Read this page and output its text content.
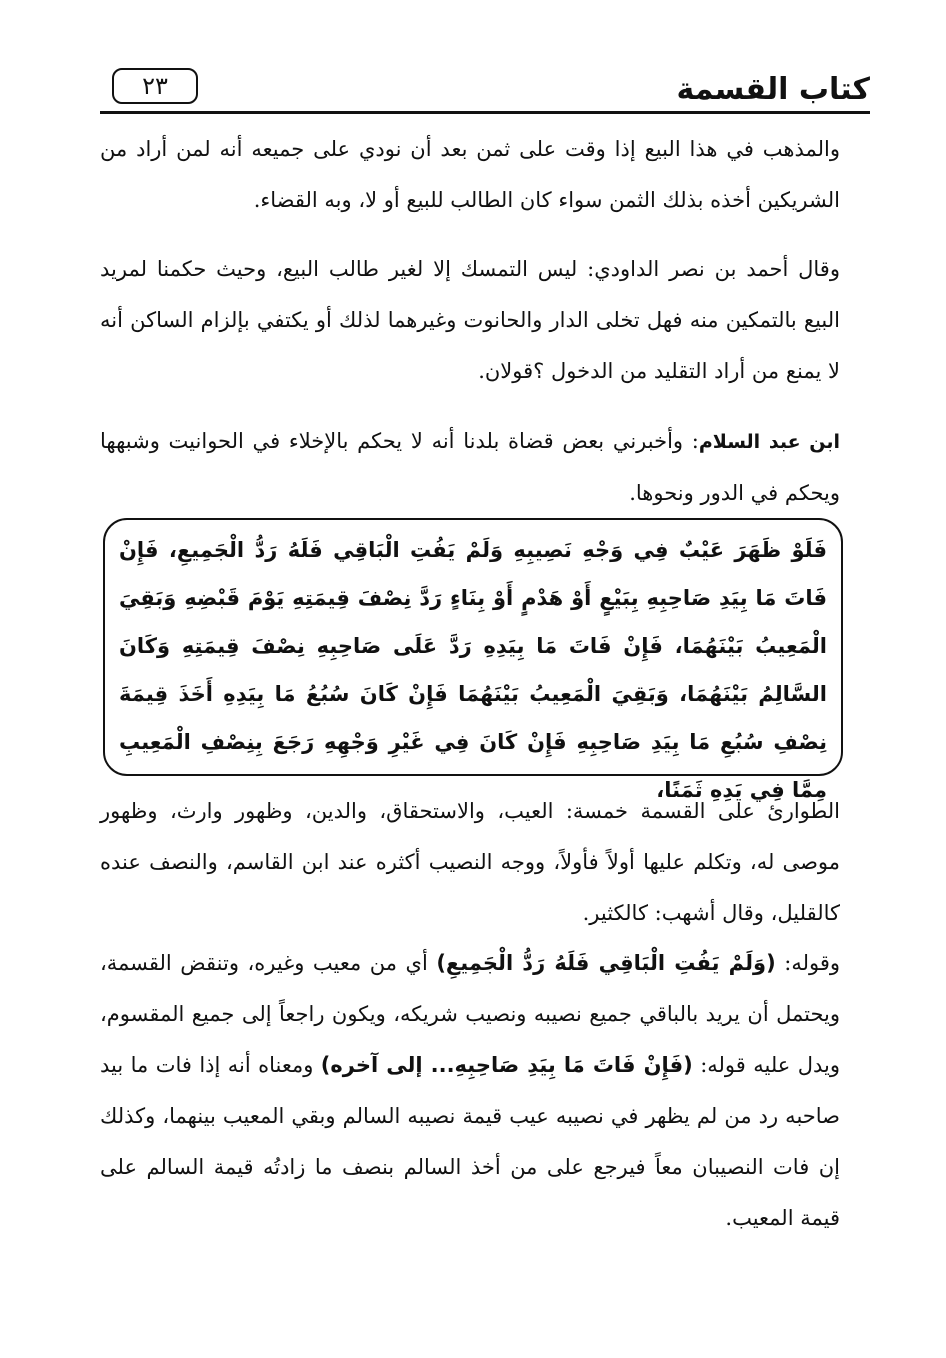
كتاب القسمة
٢٣

والمذهب في هذا البيع إذا وقت على ثمن بعد أن نودي على جميعه أنه لمن أراد من الشريكين أخذه بذلك الثمن سواء كان الطالب للبيع أو لا، وبه القضاء.

وقال أحمد بن نصر الداودي: ليس التمسك إلا لغير طالب البيع، وحيث حكمنا لمريد البيع بالتمكين منه فهل تخلى الدار والحانوت وغيرهما لذلك أو يكتفي بإلزام الساكن أنه لا يمنع من أراد التقليد من الدخول ؟قولان.

ابن عبد السلام: وأخبرني بعض قضاة بلدنا أنه لا يحكم بالإخلاء في الحوانيت وشبهها ويحكم في الدور ونحوها.

فَلَوْ ظَهَرَ عَيْبٌ فِي وَجْهِ نَصِيبِهِ وَلَمْ يَفُتِ الْبَاقِي فَلَهُ رَدُّ الْجَمِيعِ، فَإِنْ فَاتَ مَا بِيَدِ صَاحِبِهِ بِبَيْعٍ أَوْ هَدْمٍ أَوْ بِنَاءٍ رَدَّ نِصْفَ قِيمَتِهِ يَوْمَ قَبْضِهِ وَبَقِيَ الْمَعِيبُ بَيْنَهُمَا، فَإِنْ فَاتَ مَا بِيَدِهِ رَدَّ عَلَى صَاحِبِهِ نِصْفَ قِيمَتِهِ وَكَانَ السَّالِمُ بَيْنَهُمَا، وَبَقِيَ الْمَعِيبُ بَيْنَهُمَا فَإِنْ كَانَ سُبُعُ مَا بِيَدِهِ أَخَذَ قِيمَةَ نِصْفِ سُبُعِ مَا بِيَدِ صَاحِبِهِ فَإِنْ كَانَ فِي غَيْرِ وَجْهِهِ رَجَعَ بِنِصْفِ الْمَعِيبِ مِمَّا فِي يَدِهِ ثَمَنًا،

الطوارئ على القسمة خمسة: العيب، والاستحقاق، والدين، وظهور وارث، وظهور موصى له، وتكلم عليها أولاً فأولاً، ووجه النصيب أكثره عند ابن القاسم، والنصف عنده كالقليل، وقال أشهب: كالكثير.

وقوله: (وَلَمْ يَفُتِ الْبَاقِي فَلَهُ رَدُّ الْجَمِيعِ) أي من معيب وغيره، وتنقض القسمة، ويحتمل أن يريد بالباقي جميع نصيبه ونصيب شريكه، ويكون راجعاً إلى جميع المقسوم، ويدل عليه قوله: (فَإِنْ فَاتَ مَا بِيَدِ صَاحِبِهِ... إلى آخره) ومعناه أنه إذا فات ما بيد صاحبه رد من لم يظهر في نصيبه عيب قيمة نصيبه السالم وبقي المعيب بينهما، وكذلك إن فات النصيبان معاً فيرجع على من أخذ السالم بنصف ما زادتُه قيمة السالم على قيمة المعيب.
